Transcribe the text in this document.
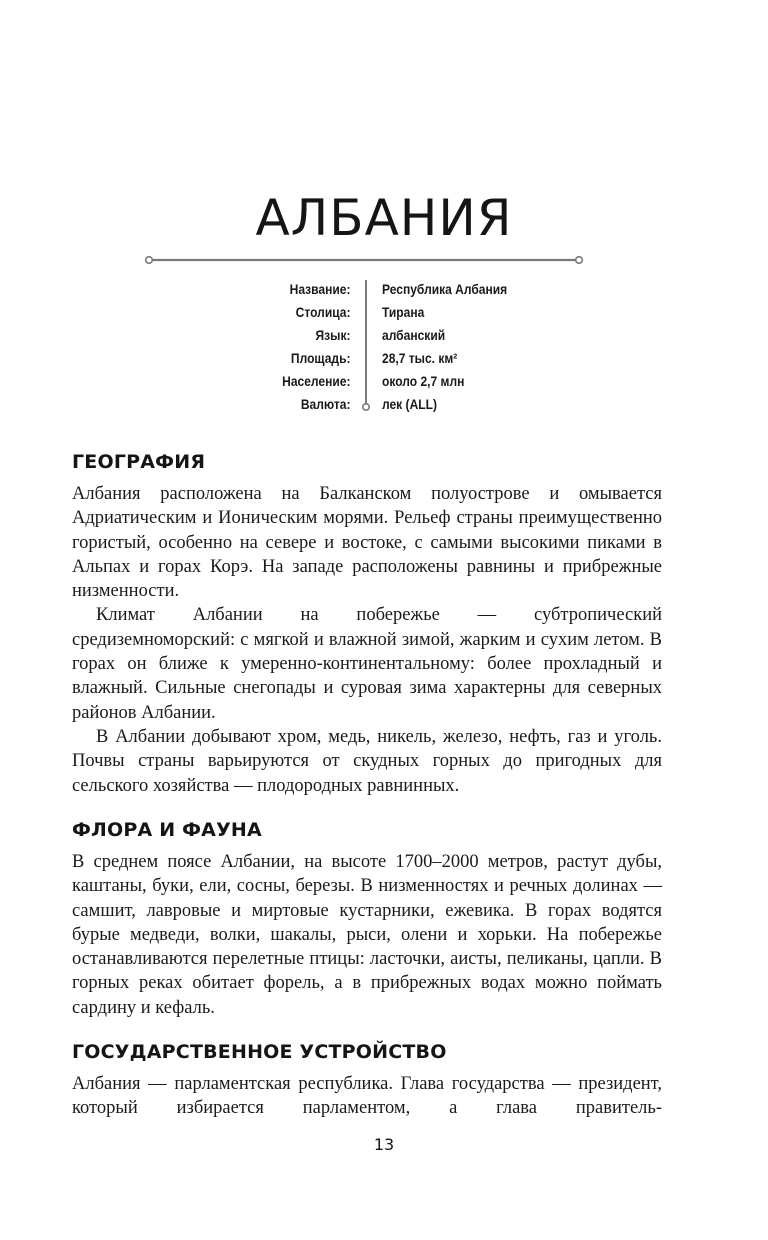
АЛБАНИЯ
Название:
Столица:
Язык:
Площадь:
Население:
Валюта:
Республика Албания
Тирана
албанский
28,7 тыс. км²
около 2,7 млн
лек (ALL)
ГЕОГРАФИЯ

Албания расположена на Балканском полуострове и омывается Адриатическим и Ионическим морями. Рельеф страны преимущественно гористый, особенно на севере и востоке, с самыми высокими пиками в Альпах и горах Корэ. На западе расположены равнины и прибрежные низменности.

Климат Албании на побережье — субтропический средиземноморский: с мягкой и влажной зимой, жарким и сухим летом. В горах он ближе к умеренно-континентальному: более прохладный и влажный. Сильные снегопады и суровая зима характерны для северных районов Албании.

В Албании добывают хром, медь, никель, железо, нефть, газ и уголь. Почвы страны варьируются от скудных горных до пригодных для сельского хозяйства — плодородных равнинных.

ФЛОРА И ФАУНА

В среднем поясе Албании, на высоте 1700–2000 метров, растут дубы, каштаны, буки, ели, сосны, березы. В низменностях и речных долинах — самшит, лавровые и миртовые кустарники, ежевика. В горах водятся бурые медведи, волки, шакалы, рыси, олени и хорьки. На побережье останавливаются перелетные птицы: ласточки, аисты, пеликаны, цапли. В горных реках обитает форель, а в прибрежных водах можно поймать сардину и кефаль.

ГОСУДАРСТВЕННОЕ УСТРОЙСТВО

Албания — парламентская республика. Глава государства — президент, который избирается парламентом, а глава правитель-

13
